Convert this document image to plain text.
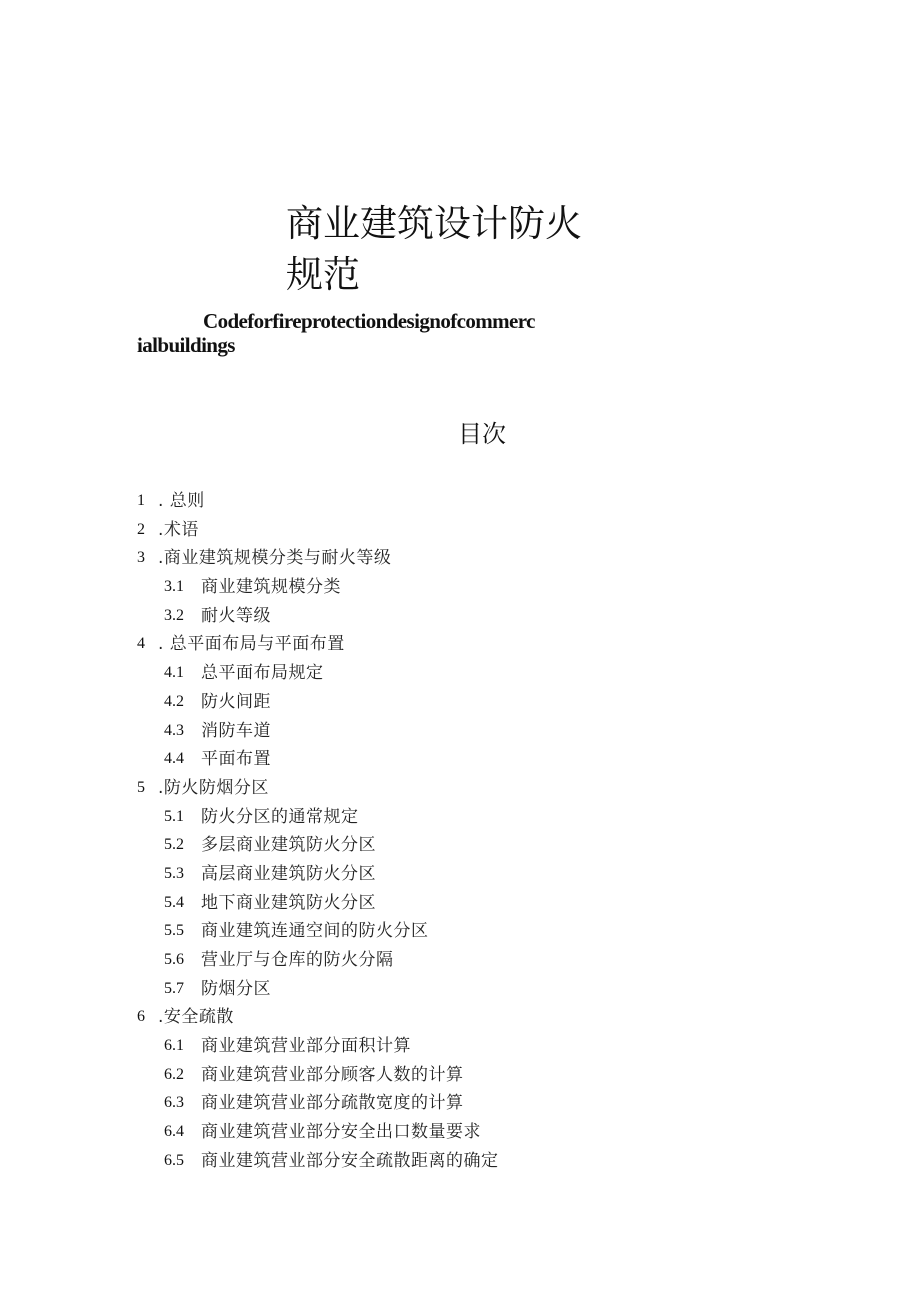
商业建筑设计防火
规范
Codeforfireprotectiondesignofcommerc
ialbuildings
目次
1 . 总则
2 .术语
3 .商业建筑规模分类与耐火等级
3.1 商业建筑规模分类
3.2 耐火等级
4 . 总平面布局与平面布置
4.1 总平面布局规定
4.2 防火间距
4.3 消防车道
4.4 平面布置
5 .防火防烟分区
5.1 防火分区的通常规定
5.2 多层商业建筑防火分区
5.3 高层商业建筑防火分区
5.4 地下商业建筑防火分区
5.5 商业建筑连通空间的防火分区
5.6 营业厅与仓库的防火分隔
5.7 防烟分区
6 .安全疏散
6.1 商业建筑营业部分面积计算
6.2 商业建筑营业部分顾客人数的计算
6.3 商业建筑营业部分疏散宽度的计算
6.4 商业建筑营业部分安全出口数量要求
6.5 商业建筑营业部分安全疏散距离的确定
